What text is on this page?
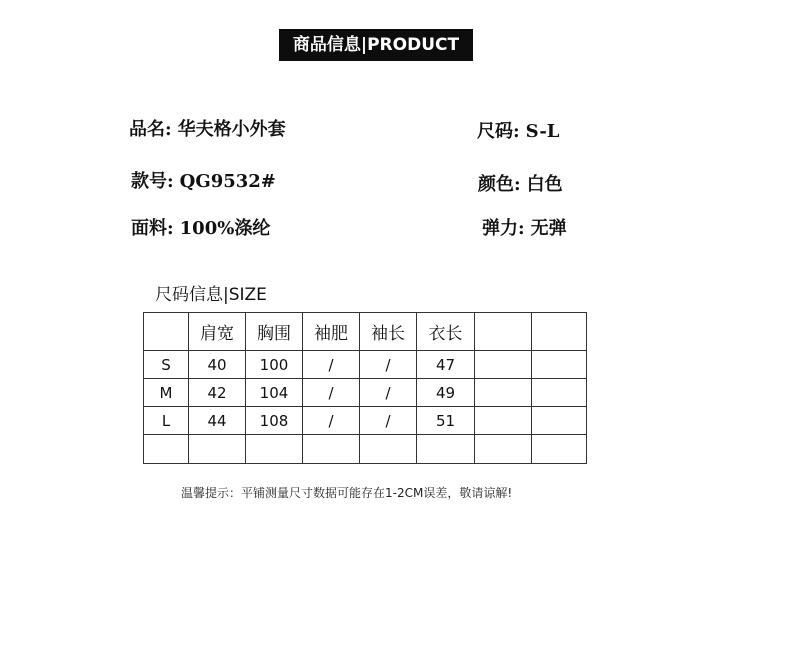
商品信息|PRODUCT
品名: 华夫格小外套	尺码: S-L
款号: QG9532#	颜色: 白色
面料: 100%涤纶	弹力: 无弹
尺码信息|SIZE
	肩宽	胸围	袖肥	袖长	衣长		
S	40	100	/	/	47		
M	42	104	/	/	49		
L	44	108	/	/	51		

温馨提示：平铺测量尺寸数据可能存在1-2CM误差，敬请谅解!
